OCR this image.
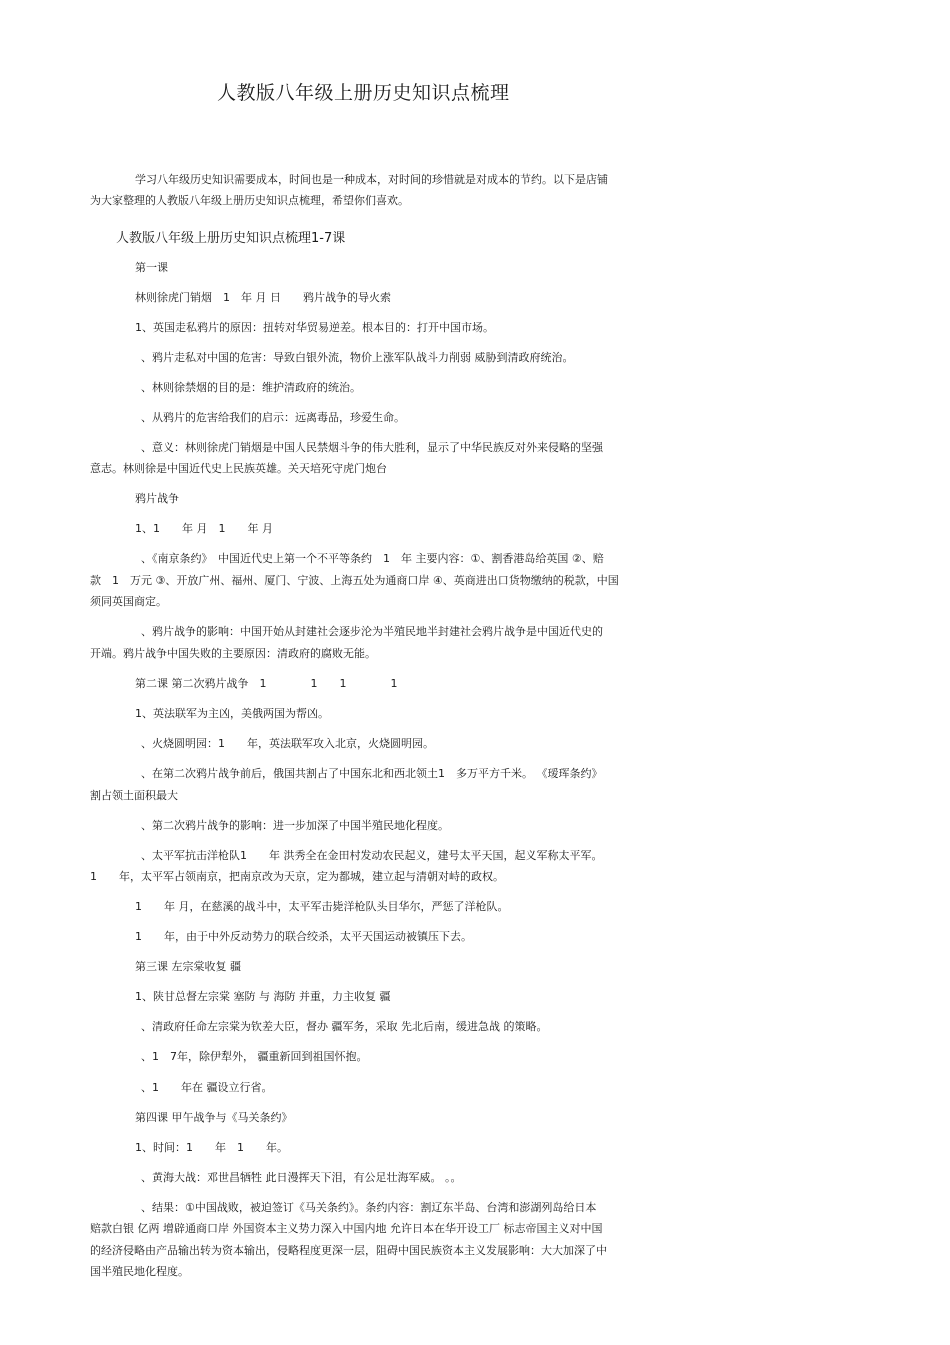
人教版八年级上册历史知识点梳理
学习八年级历史知识需要成本，时间也是一种成本，对时间的珍惜就是对成本的节约。以下是店铺
为大家整理的人教版八年级上册历史知识点梳理，希望你们喜欢。
人教版八年级上册历史知识点梳理1-7课
第一课
林则徐虎门销烟　1　年 月 日　　鸦片战争的导火索
1、英国走私鸦片的原因：扭转对华贸易逆差。根本目的：打开中国市场。
、鸦片走私对中国的危害：导致白银外流，物价上涨军队战斗力削弱 威胁到清政府统治。
、林则徐禁烟的目的是：维护清政府的统治。
、从鸦片的危害给我们的启示：远离毒品，珍爱生命。
、意义：林则徐虎门销烟是中国人民禁烟斗争的伟大胜利，显示了中华民族反对外来侵略的坚强
意志。林则徐是中国近代史上民族英雄。关天培死守虎门炮台
鸦片战争
1、1　　年 月　1　　年 月
、《南京条约》　中国近代史上第一个不平等条约　1　年 主要内容：①、割香港岛给英国 ②、赔
款　1　万元 ③、开放广州、福州、厦门、宁波、上海五处为通商口岸 ④、英商进出口货物缴纳的税款，中国
须同英国商定。
、鸦片战争的影响：中国开始从封建社会逐步沦为半殖民地半封建社会鸦片战争是中国近代史的
开端。鸦片战争中国失败的主要原因：清政府的腐败无能。
第二课 第二次鸦片战争　1　　　　1　　1　　　　1
1、英法联军为主凶，美俄两国为帮凶。
、火烧圆明园：1　　年，英法联军攻入北京，火烧圆明园。
、在第二次鸦片战争前后，俄国共割占了中国东北和西北领土1　多万平方千米。 《瑷珲条约》
割占领土面积最大
、第二次鸦片战争的影响：进一步加深了中国半殖民地化程度。
、太平军抗击洋枪队1　　年 洪秀全在金田村发动农民起义，建号太平天国，起义军称太平军。
1　　年，太平军占领南京，把南京改为天京，定为都城，建立起与清朝对峙的政权。
1　　年 月，在慈溪的战斗中，太平军击毙洋枪队头目华尔，严惩了洋枪队。
1　　年，由于中外反动势力的联合绞杀，太平天国运动被镇压下去。
第三课 左宗棠收复 疆
1、陕甘总督左宗棠 塞防 与 海防 并重，力主收复 疆
、清政府任命左宗棠为钦差大臣，督办 疆军务，采取 先北后南，缓进急战 的策略。
、1　7年，除伊犁外， 疆重新回到祖国怀抱。
、1　　年在 疆设立行省。
第四课 甲午战争与《马关条约》
1、时间：1　　年　1　　年。
、黄海大战：邓世昌牺牲 此日漫挥天下泪，有公足壮海军威。 。。
、结果：①中国战败，被迫签订《马关条约》。条约内容：割辽东半岛、台湾和澎湖列岛给日本
赔款白银 亿两 增辟通商口岸 外国资本主义势力深入中国内地 允许日本在华开设工厂 标志帝国主义对中国
的经济侵略由产品输出转为资本输出，侵略程度更深一层，阻碍中国民族资本主义发展影响：大大加深了中
国半殖民地化程度。
